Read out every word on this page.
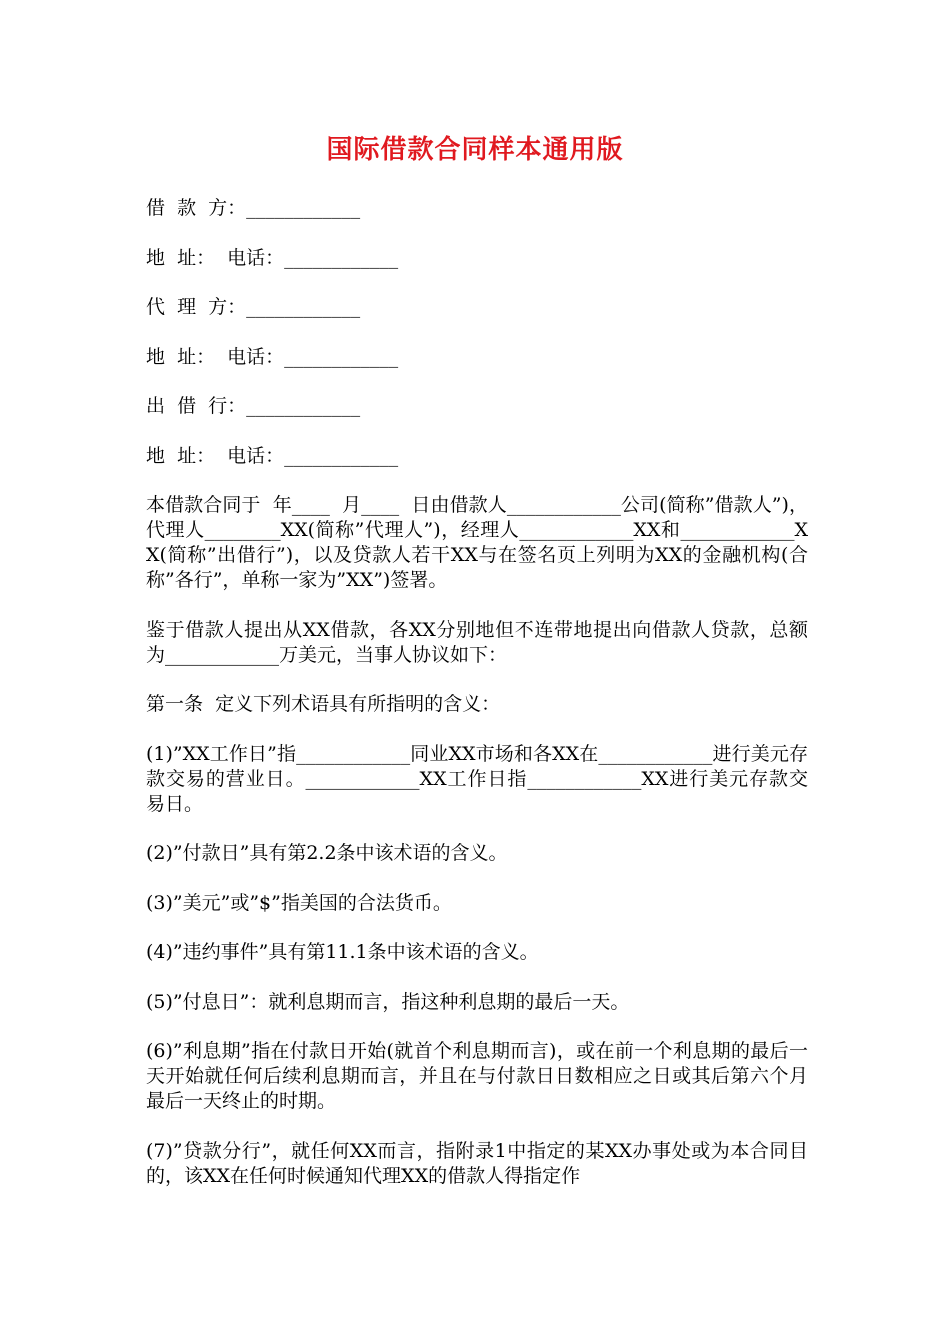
国际借款合同样本通用版
借  款  方：____________
地  址：  电话：____________
代  理  方：____________
地  址：  电话：____________
出  借  行：____________
地  址：  电话：____________
本借款合同于  年____  月____  日由借款人____________公司(简称”借款人”)，代理人________XX(简称”代理人”)，经理人____________XX和____________XX(简称”出借行”)，以及贷款人若干XX与在签名页上列明为XX的金融机构(合称”各行”，单称一家为”XX”)签署。
鉴于借款人提出从XX借款，各XX分别地但不连带地提出向借款人贷款，总额为____________万美元，当事人协议如下：
第一条  定义下列术语具有所指明的含义：
(1)”XX工作日”指____________同业XX市场和各XX在____________进行美元存款交易的营业日。____________XX工作日指____________XX进行美元存款交易日。
(2)”付款日”具有第2.2条中该术语的含义。
(3)”美元”或”$”指美国的合法货币。
(4)”违约事件”具有第11.1条中该术语的含义。
(5)”付息日”：就利息期而言，指这种利息期的最后一天。
(6)”利息期”指在付款日开始(就首个利息期而言)，或在前一个利息期的最后一天开始就任何后续利息期而言，并且在与付款日日数相应之日或其后第六个月最后一天终止的时期。
(7)”贷款分行”，就任何XX而言，指附录1中指定的某XX办事处或为本合同目的，该XX在任何时候通知代理XX的借款人得指定作
